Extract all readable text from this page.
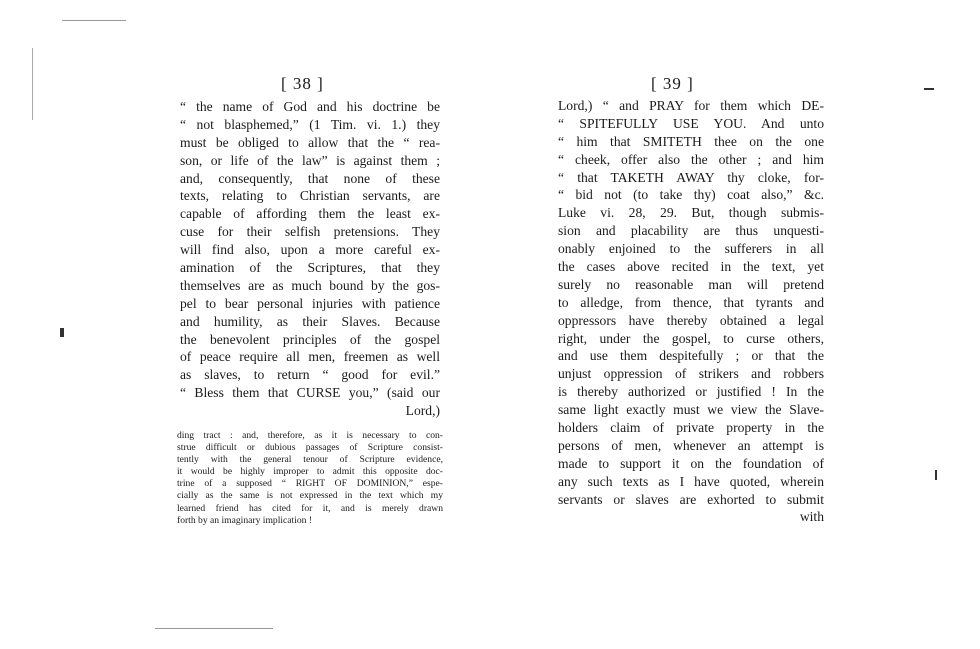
[ 38 ]
“ the name of God and his doctrine be
“ not blasphemed,” (1 Tim. vi. 1.) they
must be obliged to allow that the “ rea-
son, or life of the law” is against them ;
and, consequently, that none of these
texts, relating to Christian servants, are
capable of affording them the least ex-
cuse for their selfish pretensions. They
will find also, upon a more careful ex-
amination of the Scriptures, that they
themselves are as much bound by the gos-
pel to bear personal injuries with patience
and humility, as their Slaves. Because
the benevolent principles of the gospel
of peace require all men, freemen as well
as slaves, to return “ good for evil.”
“ Bless them that CURSE you,” (said our
Lord,)
ding tract : and, therefore, as it is necessary to con-
strue difficult or dubious passages of Scripture consist-
tently with the general tenour of Scripture evidence,
it would be highly improper to admit this opposite doc-
trine of a supposed “ RIGHT OF DOMINION,” espe-
cially as the same is not expressed in the text which my
learned friend has cited for it, and is merely drawn
forth by an imaginary implication !
[ 39 ]
Lord,) “ and PRAY for them which DE-
“ SPITEFULLY USE YOU. And unto
“ him that SMITETH thee on the one
“ cheek, offer also the other ; and him
“ that TAKETH AWAY thy cloke, for-
“ bid not (to take thy) coat also,” &c.
Luke vi. 28, 29. But, though submis-
sion and placability are thus unquesti-
onably enjoined to the sufferers in all
the cases above recited in the text, yet
surely no reasonable man will pretend
to alledge, from thence, that tyrants and
oppressors have thereby obtained a legal
right, under the gospel, to curse others,
and use them despitefully ; or that the
unjust oppression of strikers and robbers
is thereby authorized or justified ! In the
same light exactly must we view the Slave-
holders claim of private property in the
persons of men, whenever an attempt is
made to support it on the foundation of
any such texts as I have quoted, wherein
servants or slaves are exhorted to submit
with
